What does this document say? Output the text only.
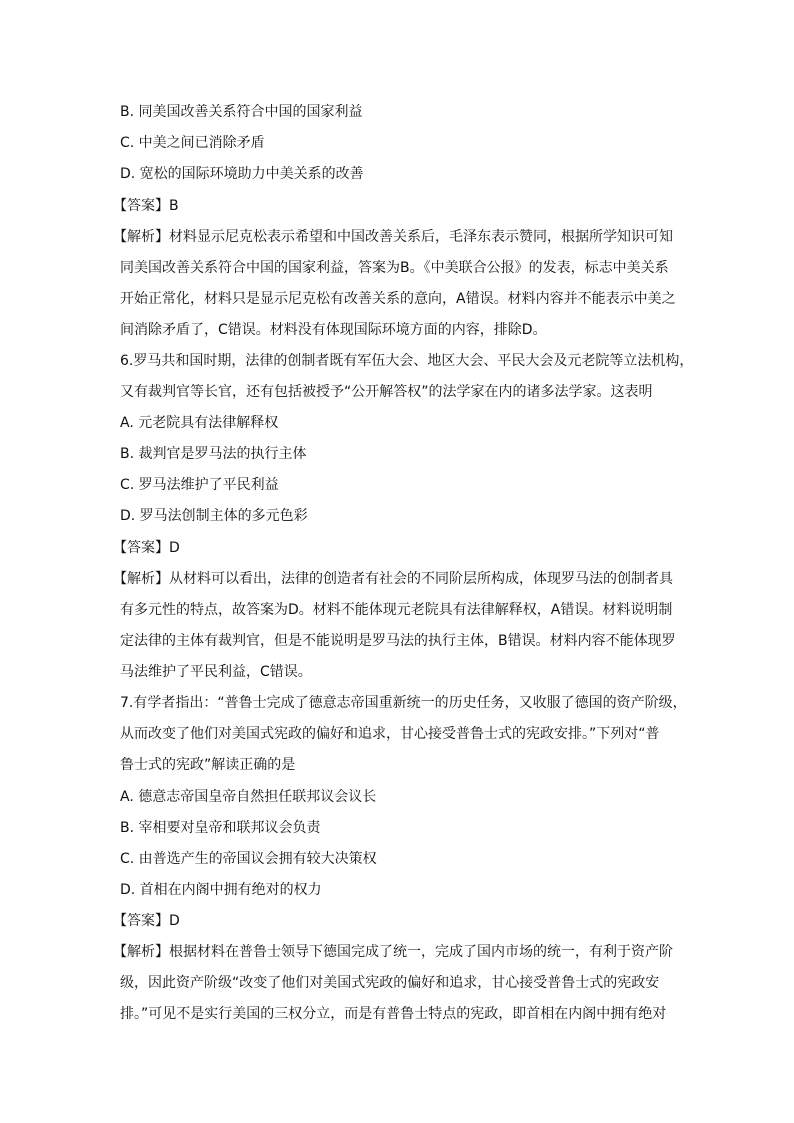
B. 同美国改善关系符合中国的国家利益
C. 中美之间已消除矛盾
D. 宽松的国际环境助力中美关系的改善
【答案】B
【解析】材料显示尼克松表示希望和中国改善关系后，毛泽东表示赞同，根据所学知识可知
同美国改善关系符合中国的国家利益，答案为B。《中美联合公报》的发表，标志中美关系
开始正常化，材料只是显示尼克松有改善关系的意向，A错误。材料内容并不能表示中美之
间消除矛盾了，C错误。材料没有体现国际环境方面的内容，排除D。
6.罗马共和国时期，法律的创制者既有军伍大会、地区大会、平民大会及元老院等立法机构，
又有裁判官等长官，还有包括被授予“公开解答权”的法学家在内的诸多法学家。这表明
A. 元老院具有法律解释权
B. 裁判官是罗马法的执行主体
C. 罗马法维护了平民利益
D. 罗马法创制主体的多元色彩
【答案】D
【解析】从材料可以看出，法律的创造者有社会的不同阶层所构成，体现罗马法的创制者具
有多元性的特点，故答案为D。材料不能体现元老院具有法律解释权，A错误。材料说明制
定法律的主体有裁判官，但是不能说明是罗马法的执行主体，B错误。材料内容不能体现罗
马法维护了平民利益，C错误。
7.有学者指出：“普鲁士完成了德意志帝国重新统一的历史任务，又收服了德国的资产阶级，
从而改变了他们对美国式宪政的偏好和追求，甘心接受普鲁士式的宪政安排。”下列对“普
鲁士式的宪政”解读正确的是
A. 德意志帝国皇帝自然担任联邦议会议长
B. 宰相要对皇帝和联邦议会负责
C. 由普选产生的帝国议会拥有较大决策权
D. 首相在内阁中拥有绝对的权力
【答案】D
【解析】根据材料在普鲁士领导下德国完成了统一，完成了国内市场的统一，有利于资产阶
级，因此资产阶级“改变了他们对美国式宪政的偏好和追求，甘心接受普鲁士式的宪政安
排。”可见不是实行美国的三权分立，而是有普鲁士特点的宪政，即首相在内阁中拥有绝对
